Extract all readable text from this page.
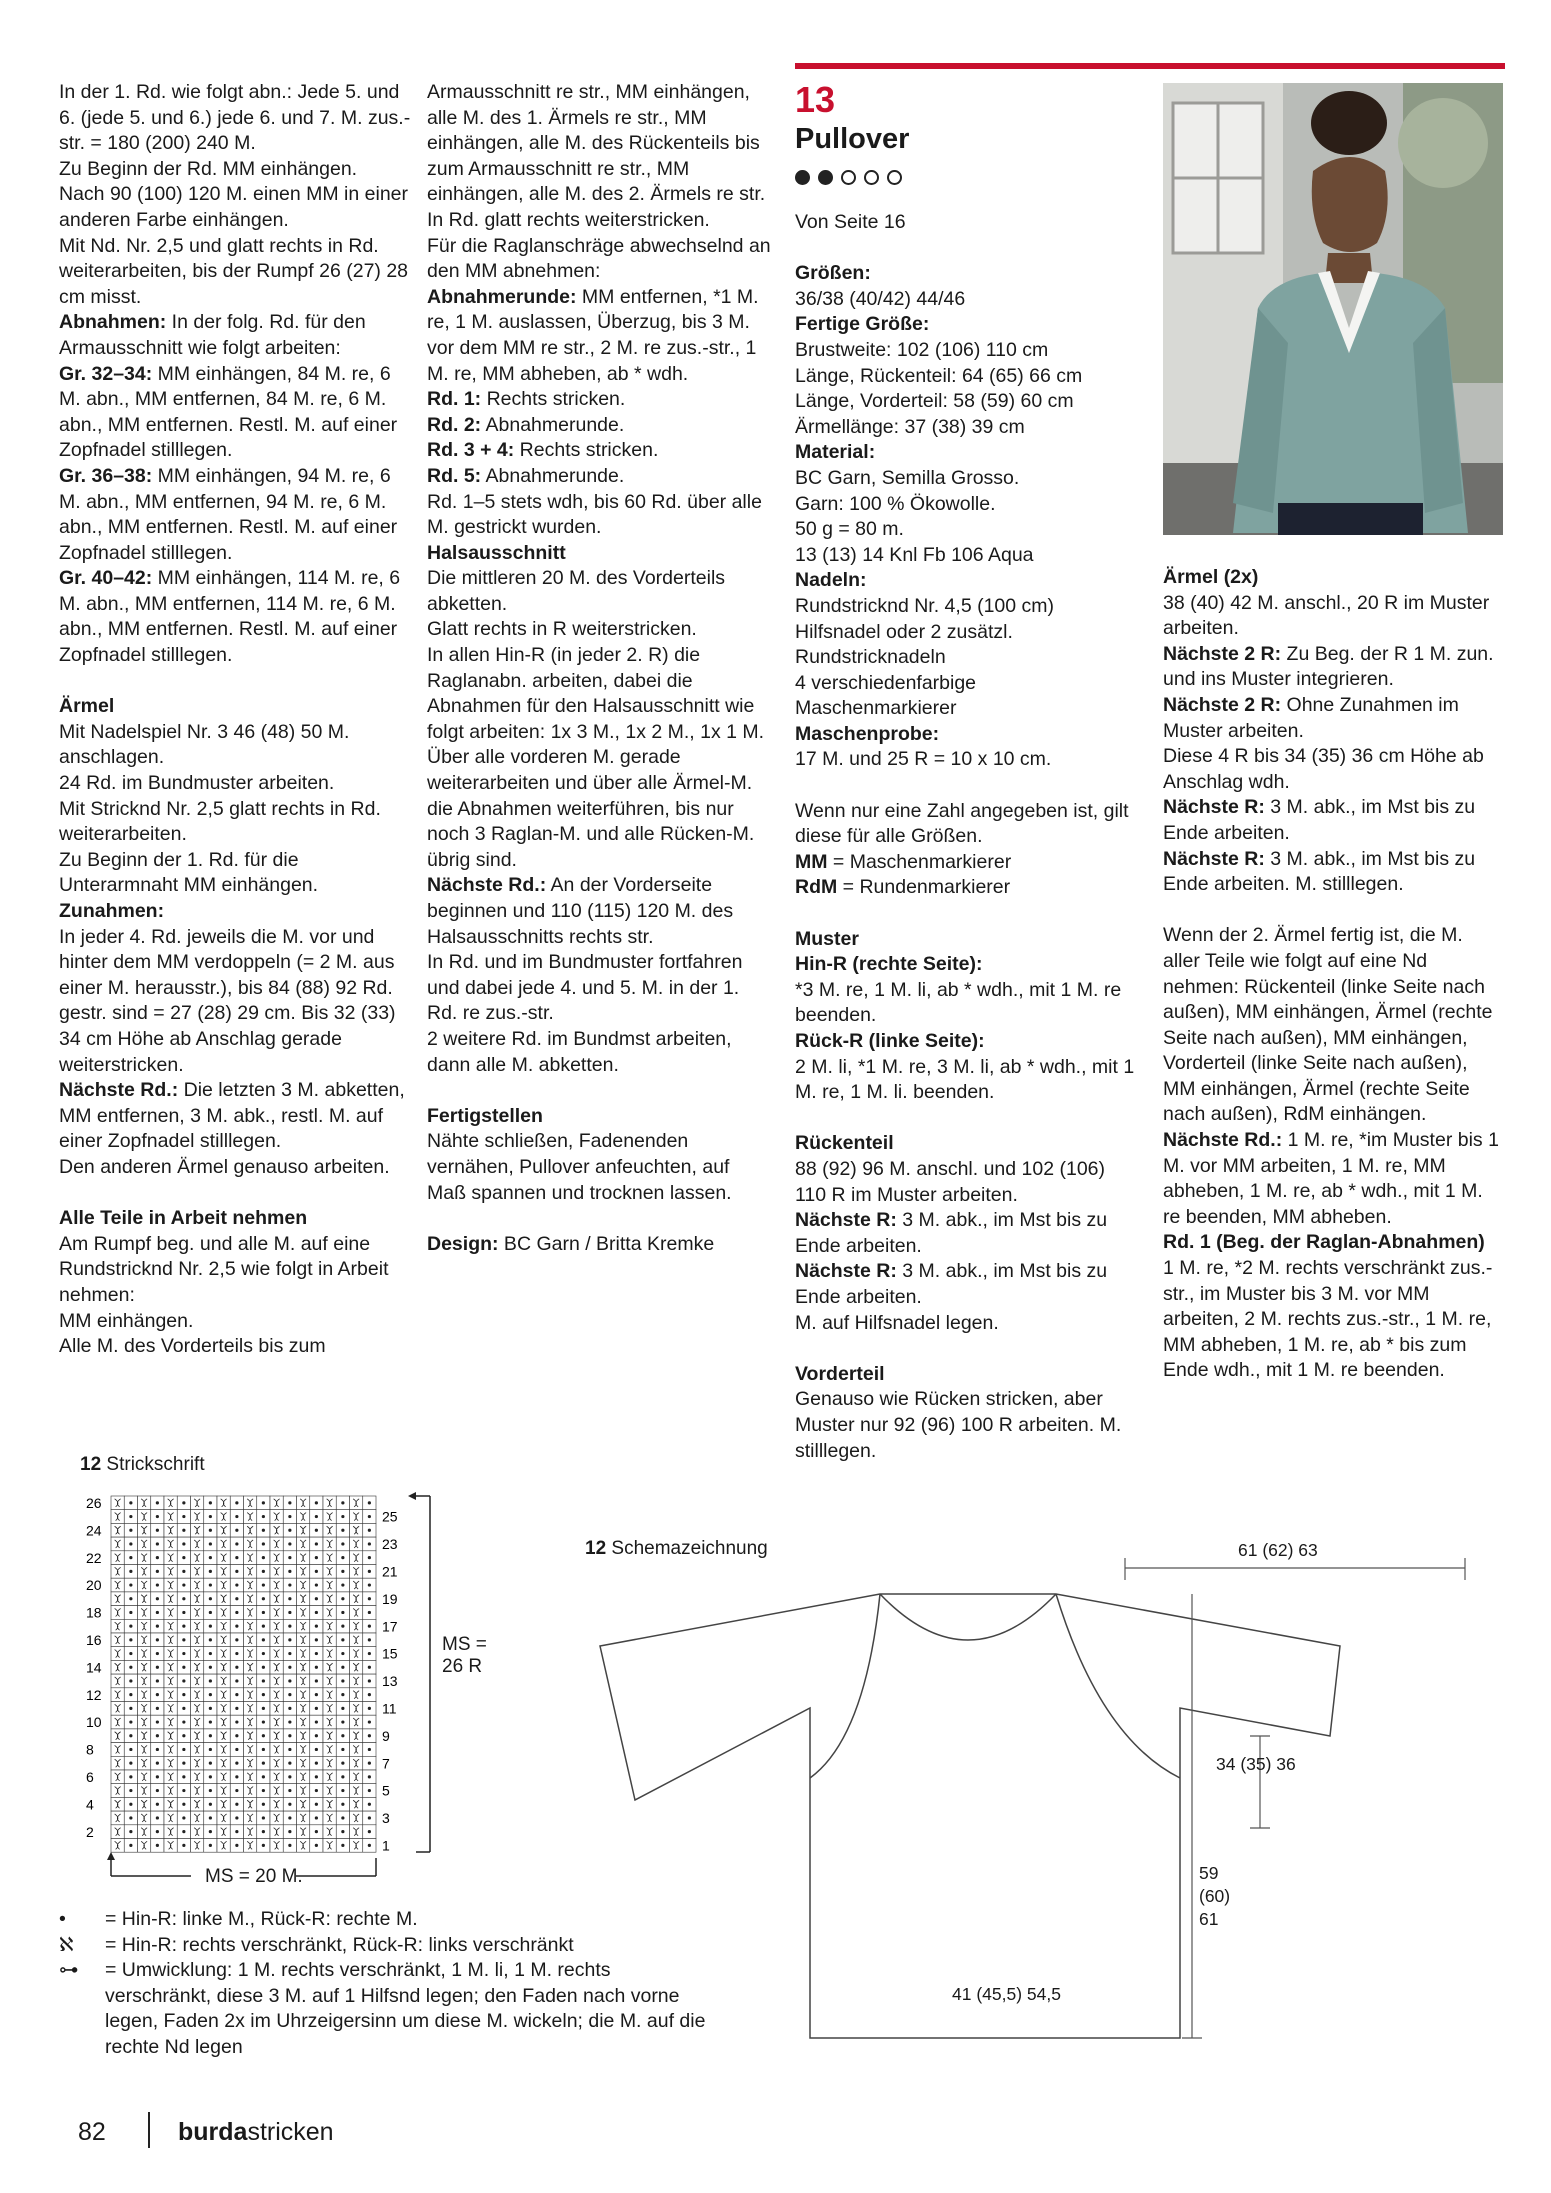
In der 1. Rd. wie folgt abn.: Jede 5. und 6. (jede 5. und 6.) jede 6. und 7. M. zus.-str. = 180 (200) 240 M.

Zu Beginn der Rd. MM einhängen.

Nach 90 (100) 120 M. einen MM in einer anderen Farbe einhängen.

Mit Nd. Nr. 2,5 und glatt rechts in Rd. weiterarbeiten, bis der Rumpf 26 (27) 28 cm misst.

Abnahmen: In der folg. Rd. für den Armausschnitt wie folgt arbeiten:

Gr. 32–34: MM einhängen, 84 M. re, 6 M. abn., MM entfernen, 84 M. re, 6 M. abn., MM entfernen. Restl. M. auf einer Zopfnadel stilllegen.

Gr. 36–38: MM einhängen, 94 M. re, 6 M. abn., MM entfernen, 94 M. re, 6 M. abn., MM entfernen. Restl. M. auf einer Zopfnadel stilllegen.

Gr. 40–42: MM einhängen, 114 M. re, 6 M. abn., MM entfernen, 114 M. re, 6 M. abn., MM entfernen. Restl. M. auf einer Zopfnadel stilllegen.

Ärmel

Mit Nadelspiel Nr. 3 46 (48) 50 M. anschlagen.

24 Rd. im Bundmuster arbeiten.

Mit Stricknd Nr. 2,5 glatt rechts in Rd. weiterarbeiten.

Zu Beginn der 1. Rd. für die Unterarmnaht MM einhängen.

Zunahmen:

In jeder 4. Rd. jeweils die M. vor und hinter dem MM verdoppeln (= 2 M. aus einer M. herausstr.), bis 84 (88) 92 Rd. gestr. sind = 27 (28) 29 cm. Bis 32 (33) 34 cm Höhe ab Anschlag gerade weiterstricken.

Nächste Rd.: Die letzten 3 M. abketten, MM entfernen, 3 M. abk., restl. M. auf einer Zopfnadel stilllegen.

Den anderen Ärmel genauso arbeiten.

Alle Teile in Arbeit nehmen

Am Rumpf beg. und alle M. auf eine Rundstricknd Nr. 2,5 wie folgt in Arbeit nehmen:

MM einhängen.

Alle M. des Vorderteils bis zum

Armausschnitt re str., MM einhängen, alle M. des 1. Ärmels re str., MM einhängen, alle M. des Rückenteils bis zum Armausschnitt re str., MM einhängen, alle M. des 2. Ärmels re str.

In Rd. glatt rechts weiterstricken.

Für die Raglanschräge abwechselnd an den MM abnehmen:

Abnahmerunde: MM entfernen, *1 M. re, 1 M. auslassen, Überzug, bis 3 M. vor dem MM re str., 2 M. re zus.-str., 1 M. re, MM abheben, ab * wdh.

Rd. 1: Rechts stricken.

Rd. 2: Abnahmerunde.

Rd. 3 + 4: Rechts stricken.

Rd. 5: Abnahmerunde.

Rd. 1–5 stets wdh, bis 60 Rd. über alle M. gestrickt wurden.

Halsausschnitt

Die mittleren 20 M. des Vorderteils abketten.

Glatt rechts in R weiterstricken.

In allen Hin-R (in jeder 2. R) die Raglanabn. arbeiten, dabei die Abnahmen für den Halsausschnitt wie folgt arbeiten: 1x 3 M., 1x 2 M., 1x 1 M.

Über alle vorderen M. gerade weiterarbeiten und über alle Ärmel-M. die Abnahmen weiterführen, bis nur noch 3 Raglan-M. und alle Rücken-M. übrig sind.

Nächste Rd.: An der Vorderseite beginnen und 110 (115) 120 M. des Halsausschnitts rechts str.

In Rd. und im Bundmuster fortfahren und dabei jede 4. und 5. M. in der 1. Rd. re zus.-str.

2 weitere Rd. im Bundmst arbeiten, dann alle M. abketten.

Fertigstellen

Nähte schließen, Fadenenden vernähen, Pullover anfeuchten, auf Maß spannen und trocknen lassen.

Design: BC Garn / Britta Kremke

13
Pullover

Von Seite 16

Größen:

36/38 (40/42) 44/46

Fertige Größe:

Brustweite: 102 (106) 110 cm

Länge, Rückenteil: 64 (65) 66 cm

Länge, Vorderteil: 58 (59) 60 cm

Ärmellänge: 37 (38) 39 cm

Material:

BC Garn, Semilla Grosso.

Garn: 100 % Ökowolle.

50 g = 80 m.

13 (13) 14 Knl Fb 106 Aqua

Nadeln:

Rundstricknd Nr. 4,5 (100 cm) Hilfsnadel oder 2 zusätzl. Rundstricknadeln

4 verschiedenfarbige Maschenmarkierer

Maschenprobe:

17 M. und 25 R = 10 x 10 cm.

Wenn nur eine Zahl angegeben ist, gilt diese für alle Größen.

MM = Maschenmarkierer

RdM = Rundenmarkierer

Muster

Hin-R (rechte Seite):

*3 M. re, 1 M. li, ab * wdh., mit 1 M. re beenden.

Rück-R (linke Seite):

2 M. li, *1 M. re, 3 M. li, ab * wdh., mit 1 M. re, 1 M. li. beenden.

Rückenteil

88 (92) 96 M. anschl. und 102 (106) 110 R im Muster arbeiten.

Nächste R: 3 M. abk., im Mst bis zu Ende arbeiten.

Nächste R: 3 M. abk., im Mst bis zu Ende arbeiten.

M. auf Hilfsnadel legen.

Vorderteil

Genauso wie Rücken stricken, aber Muster nur 92 (96) 100 R arbeiten. M. stilllegen.

Ärmel (2x)

38 (40) 42 M. anschl., 20 R im Muster arbeiten.

Nächste 2 R: Zu Beg. der R 1 M. zun. und ins Muster integrieren.

Nächste 2 R: Ohne Zunahmen im Muster arbeiten.

Diese 4 R bis 34 (35) 36 cm Höhe ab Anschlag wdh.

Nächste R: 3 M. abk., im Mst bis zu Ende arbeiten.

Nächste R: 3 M. abk., im Mst bis zu Ende arbeiten. M. stilllegen.

Wenn der 2. Ärmel fertig ist, die M. aller Teile wie folgt auf eine Nd nehmen: Rückenteil (linke Seite nach außen), MM einhängen, Ärmel (rechte Seite nach außen), MM einhängen, Vorderteil (linke Seite nach außen), MM einhängen, Ärmel (rechte Seite nach außen), RdM einhängen.

Nächste Rd.: 1 M. re, *im Muster bis 1 M. vor MM arbeiten, 1 M. re, MM abheben, 1 M. re, ab * wdh., mit 1 M. re beenden, MM abheben.

Rd. 1 (Beg. der Raglan-Abnahmen)

1 M. re, *2 M. rechts verschränkt zus.-str., im Muster bis 3 M. vor MM arbeiten, 2 M. rechts zus.-str., 1 M. re, MM abheben, 1 M. re, ab * bis zum Ende wdh., mit 1 M. re beenden.

12 Strickschrift
26
24
22
20
18
16
14
12
10
8
6
4
2
25
23
21
19
17
15
13
11
9
7
5
3
1
MS =
26 R
MS = 20 M.
12 Schemazeichnung	61 (62) 63
34 (35) 36
59
(60)
61
41 (45,5) 54,5
•	= Hin-R: linke M., Rück-R: rechte M.
ℵ	= Hin-R: rechts verschränkt, Rück-R: links verschränkt
⊶	= Umwicklung: 1 M. rechts verschränkt, 1 M. li, 1 M. rechts verschränkt, diese 3 M. auf 1 Hilfsnd legen; den Faden nach vorne legen, Faden 2x im Uhrzeigersinn um diese M. wickeln; die M. auf die rechte Nd legen
82	burdastricken
